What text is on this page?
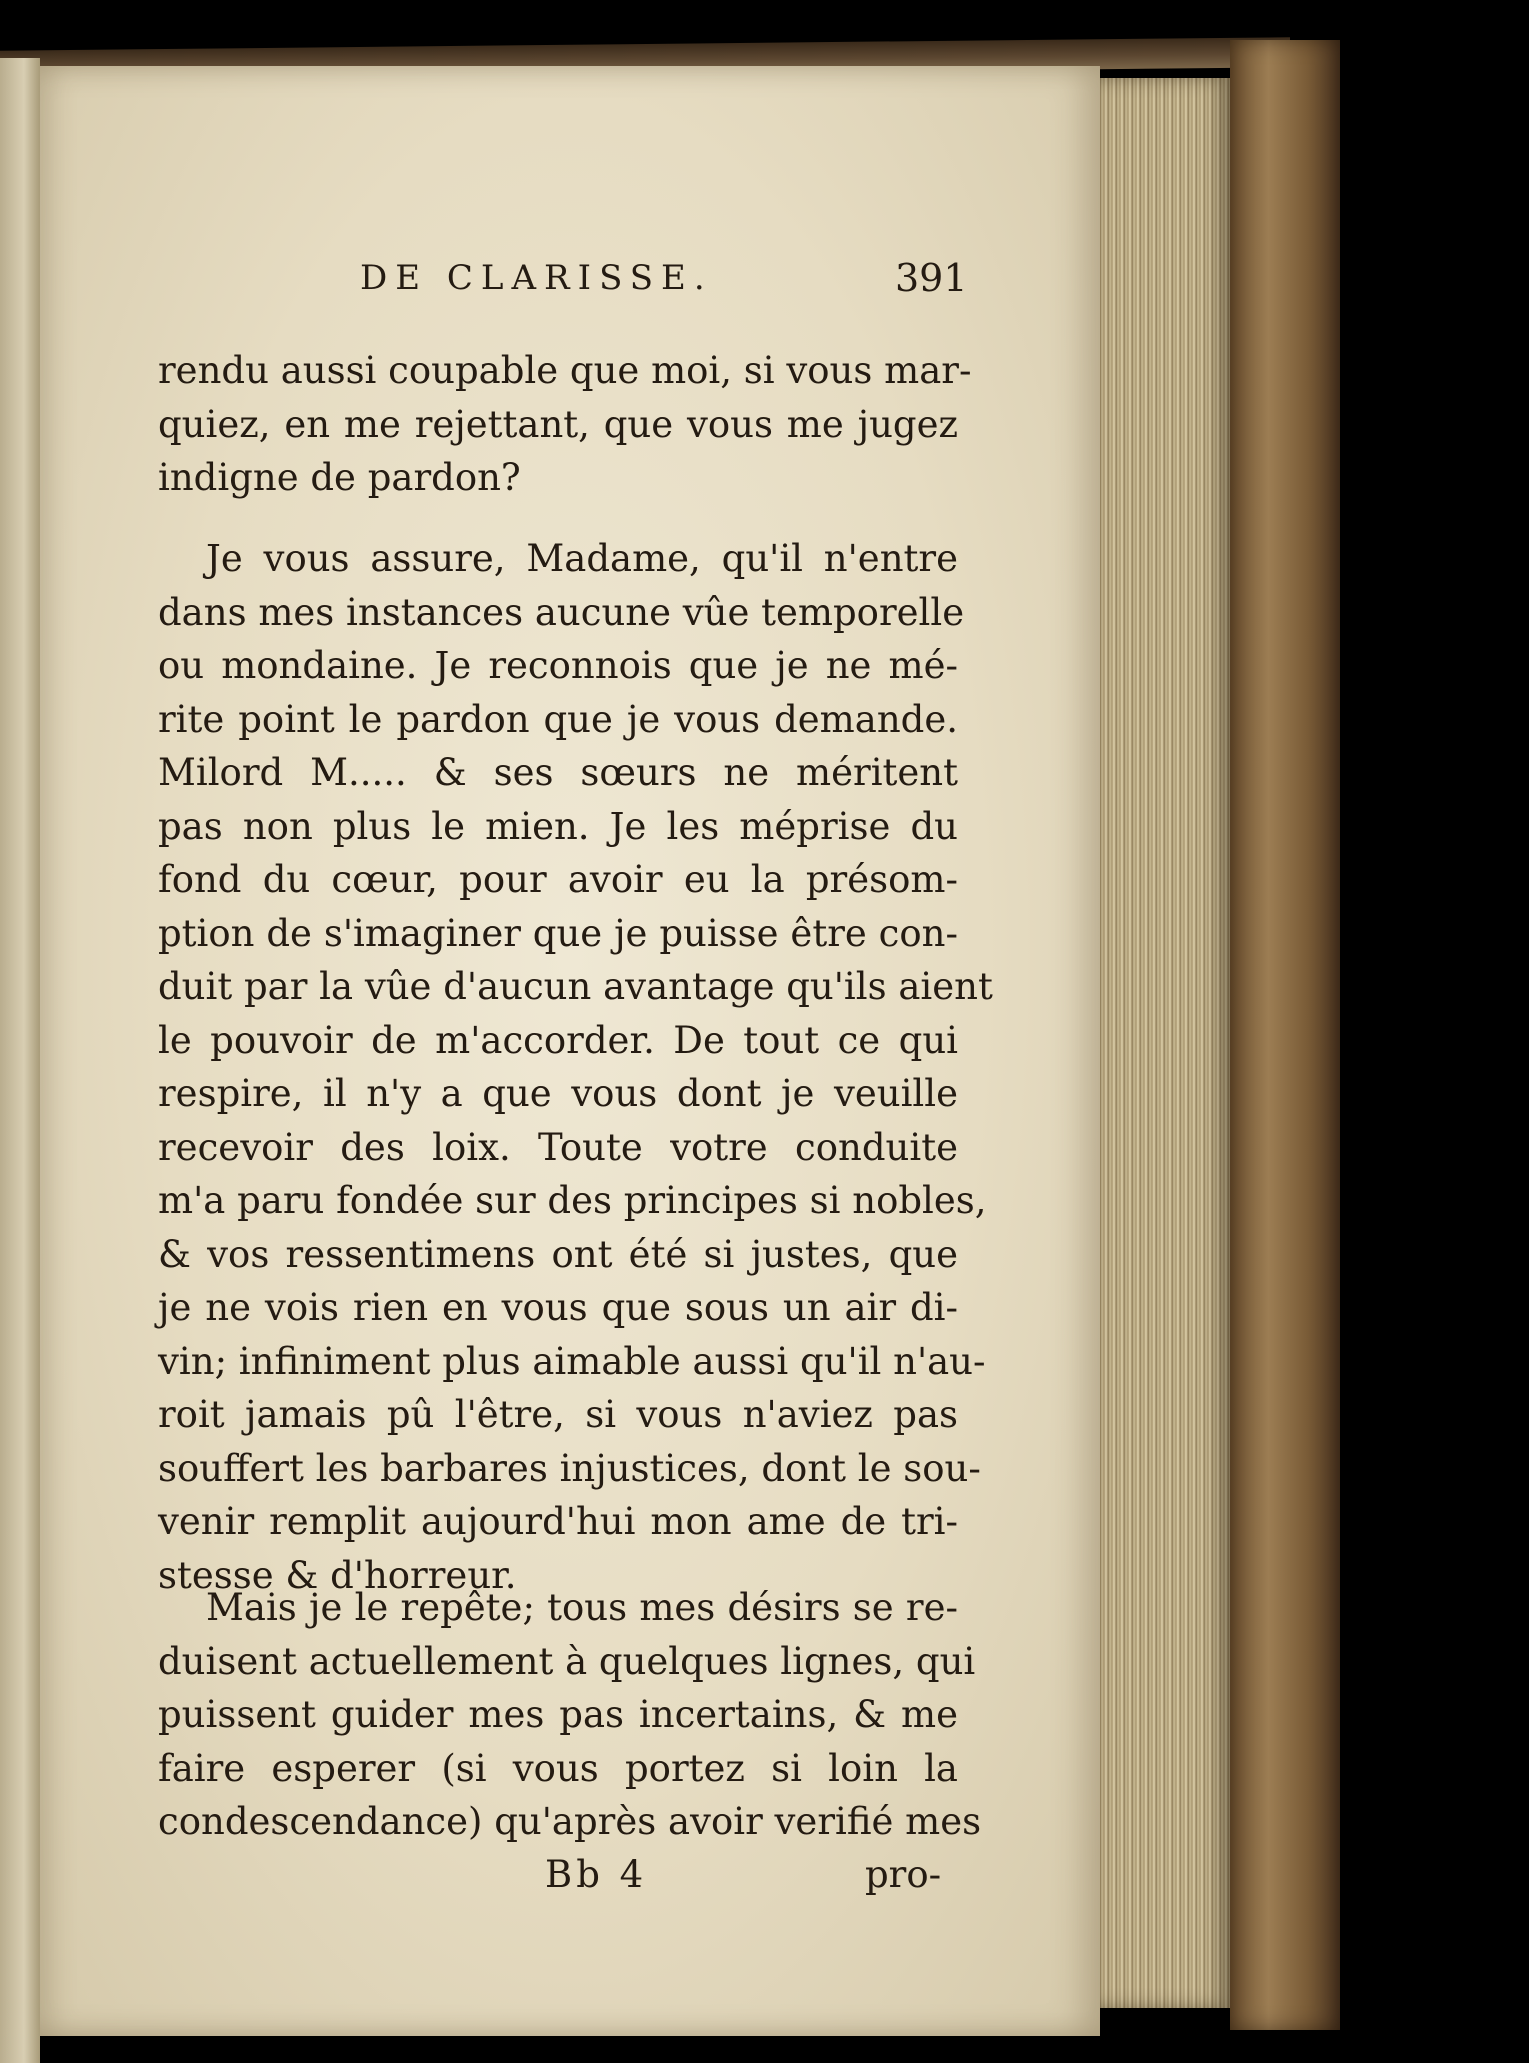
DE CLARISSE.	391
rendu aussi coupable que moi, si vous mar-
quiez, en me rejettant, que vous me jugez
indigne de pardon?
Je vous assure, Madame, qu'il n'entre
dans mes instances aucune vûe temporelle
ou mondaine. Je reconnois que je ne mé-
rite point le pardon que je vous demande.
Milord M..... & ses sœurs ne méritent
pas non plus le mien. Je les méprise du
fond du cœur, pour avoir eu la présom-
ption de s'imaginer que je puisse être con-
duit par la vûe d'aucun avantage qu'ils aient
le pouvoir de m'accorder. De tout ce qui
respire, il n'y a que vous dont je veuille
recevoir des loix. Toute votre conduite
m'a paru fondée sur des principes si nobles,
& vos ressentimens ont été si justes, que
je ne vois rien en vous que sous un air di-
vin; infiniment plus aimable aussi qu'il n'au-
roit jamais pû l'être, si vous n'aviez pas
souffert les barbares injustices, dont le sou-
venir remplit aujourd'hui mon ame de tri-
stesse & d'horreur.
Mais je le repête; tous mes désirs se re-
duisent actuellement à quelques lignes, qui
puissent guider mes pas incertains, & me
faire esperer (si vous portez si loin la
condescendance) qu'après avoir verifié mes
Bb 4	pro-
